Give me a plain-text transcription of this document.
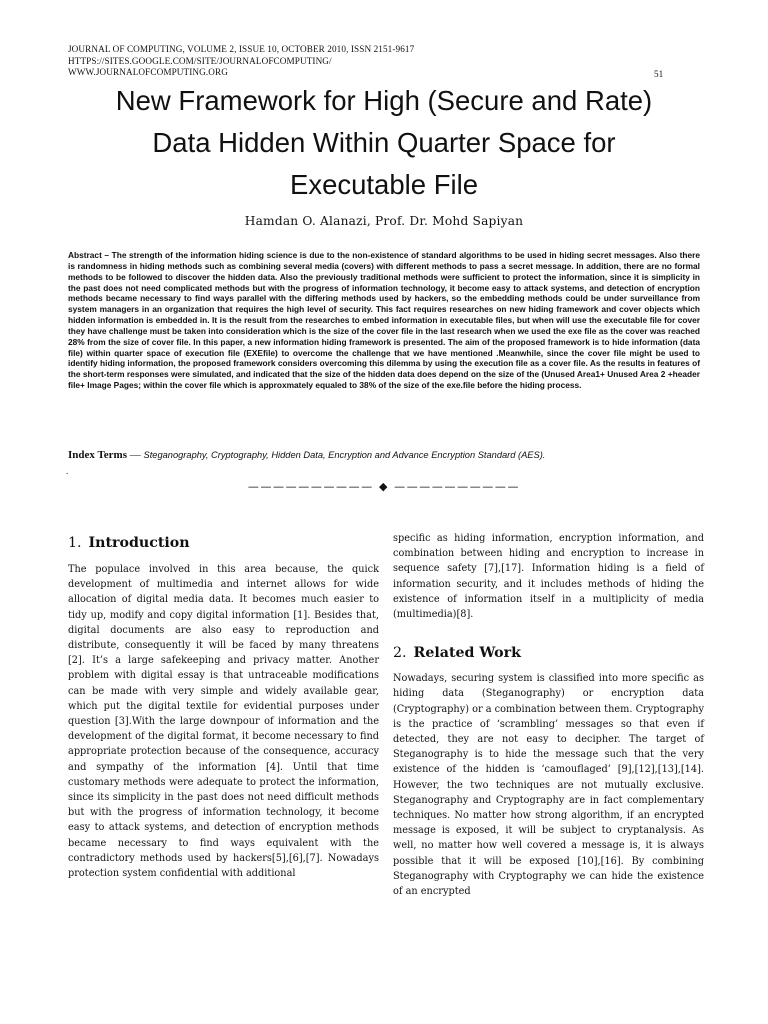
JOURNAL OF COMPUTING, VOLUME 2, ISSUE 10, OCTOBER 2010, ISSN 2151-9617
HTTPS://SITES.GOOGLE.COM/SITE/JOURNALOFCOMPUTING/
WWW.JOURNALOFCOMPUTING.ORG	51
New Framework for High (Secure and Rate)
Data Hidden Within Quarter Space for
Executable File
Hamdan O. Alanazi, Prof. Dr. Mohd Sapiyan

Abstract – The strength of the information hiding science is due to the non-existence of standard algorithms to be used in hiding secret messages. Also there is randomness in hiding methods such as combining several media (covers) with different methods to pass a secret message. In addition, there are no formal methods to be followed to discover the hidden data. Also the previously traditional methods were sufficient to protect the information, since it is simplicity in the past does not need complicated methods but with the progress of information technology, it become easy to attack systems, and detection of encryption methods became necessary to find ways parallel with the differing methods used by hackers, so the embedding methods could be under surveillance from system managers in an organization that requires the high level of security. This fact requires researches on new hiding framework and cover objects which hidden information is embedded in. It is the result from the researches to embed information in executable files, but when will use the executable file for cover they have challenge must be taken into consideration which is the size of the cover file in the last research when we used the exe file as the cover was reached 28% from the size of cover file. In this paper, a new information hiding framework is presented. The aim of the proposed framework is to hide information (data file) within quarter space of execution file (EXEfile) to overcome the challenge that we have mentioned .Meanwhile, since the cover file might be used to identify hiding information, the proposed framework considers overcoming this dilemma by using the execution file as a cover file. As the results in features of the short-term responses were simulated, and indicated that the size of the hidden data does depend on the size of the (Unused Area1+ Unused Area 2 +header file+ Image Pages; within the cover file which is approxmately equaled to 38% of the size of the exe.file before the hiding process.

Index Terms — Steganography, Cryptography, Hidden Data, Encryption and Advance Encryption Standard (AES).
.
—————————— ◆ ——————————
1. Introduction

The populace involved in this area because, the quick development of multimedia and internet allows for wide allocation of digital media data. It becomes much easier to tidy up, modify and copy digital information [1]. Besides that, digital documents are also easy to reproduction and distribute, consequently it will be faced by many threatens [2]. It’s a large safekeeping and privacy matter. Another problem with digital essay is that untraceable modifications can be made with very simple and widely available gear, which put the digital textile for evidential purposes under question [3].With the large downpour of information and the development of the digital format, it become necessary to find appropriate protection because of the consequence, accuracy and sympathy of the information [4]. Until that time customary methods were adequate to protect the information, since its simplicity in the past does not need difficult methods but with the progress of information technology, it become easy to attack systems, and detection of encryption methods became necessary to find ways equivalent with the contradictory methods used by hackers[5],[6],[7]. Nowadays protection system confidential with additional

specific as hiding information, encryption information, and combination between hiding and encryption to increase in sequence safety [7],[17]. Information hiding is a field of information security, and it includes methods of hiding the existence of information itself in a multiplicity of media (multimedia)[8].

2. Related Work

Nowadays, securing system is classified into more specific as hiding data (Steganography) or encryption data (Cryptography) or a combination between them. Cryptography is the practice of ‘scrambling’ messages so that even if detected, they are not easy to decipher. The target of Steganography is to hide the message such that the very existence of the hidden is ‘camouflaged’ [9],[12],[13],[14]. However, the two techniques are not mutually exclusive. Steganography and Cryptography are in fact complementary techniques. No matter how strong algorithm, if an encrypted message is exposed, it will be subject to cryptanalysis. As well, no matter how well covered a message is, it is always possible that it will be exposed [10],[16]. By combining Steganography with Cryptography we can hide the existence of an encrypted
